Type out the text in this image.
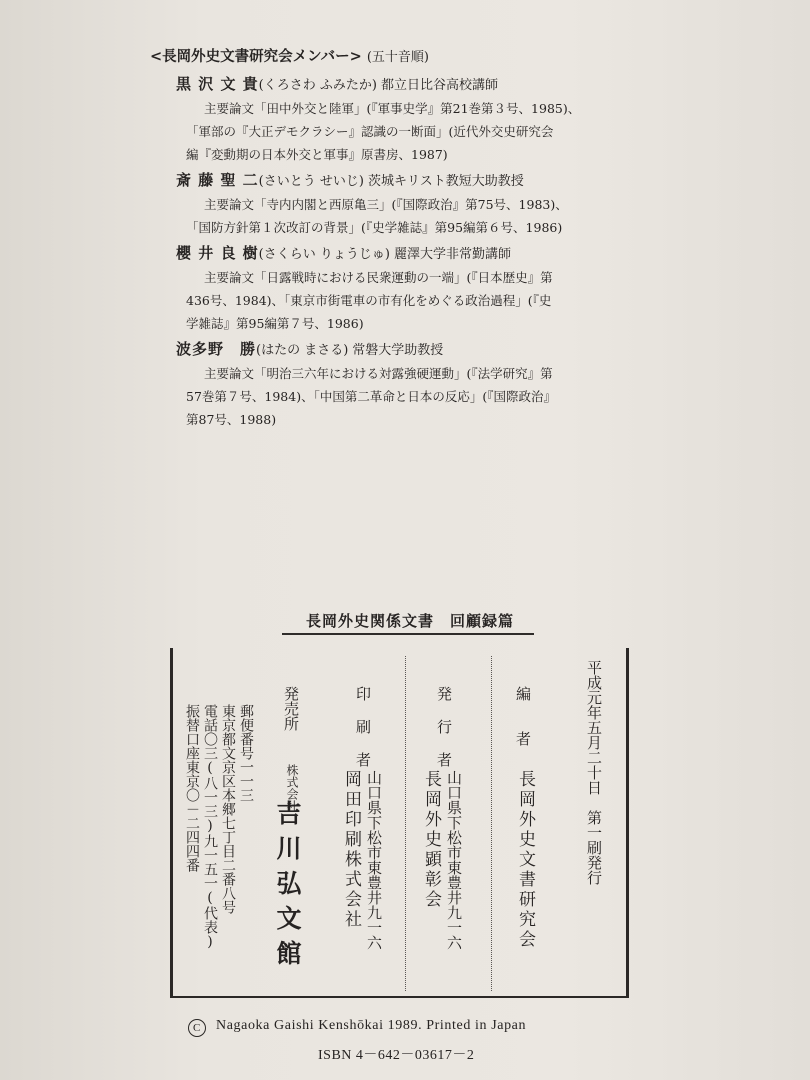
<長岡外史文書研究会メンバー> (五十音順)
黒 沢 文 貴(くろさわ ふみたか) 都立日比谷高校講師
主要論文「田中外交と陸軍」(『軍事史学』第21巻第３号、1985)、
「軍部の『大正デモクラシー』認識の一断面」(近代外交史研究会
編『変動期の日本外交と軍事』原書房、1987)
斎 藤 聖 二(さいとう せいじ) 茨城キリスト教短大助教授
主要論文「寺内内閣と西原亀三」(『国際政治』第75号、1983)、
「国防方針第１次改訂の背景」(『史学雑誌』第95編第６号、1986)
櫻 井 良 樹(さくらい りょうじゅ) 麗澤大学非常勤講師
主要論文「日露戦時における民衆運動の一端」(『日本歴史』第
436号、1984)、「東京市街電車の市有化をめぐる政治過程」(『史
学雑誌』第95編第７号、1986)
波多野　勝(はたの まさる) 常磐大学助教授
主要論文「明治三六年における対露強硬運動」(『法学研究』第
57巻第７号、1984)、「中国第二革命と日本の反応」(『国際政治』
第87号、1988)
長岡外史関係文書　回顧録篇
平成元年五月二十日　第一刷発行
編　　者
長岡外史文書研究会
発 行 者
山口県下松市東豊井九一六
長岡外史顕彰会
印 刷 者
山口県下松市東豊井九一六
岡田印刷株式会社
発売所
株式会社
吉川弘文館
郵便番号一一三
東京都文京区本郷七丁目二番八号
電話〇三(八一三)九一五一(代表)
振替口座東京〇－二四四番
C Nagaoka Gaishi Kenshōkai 1989. Printed in Japan
ISBN 4－642－03617－2
